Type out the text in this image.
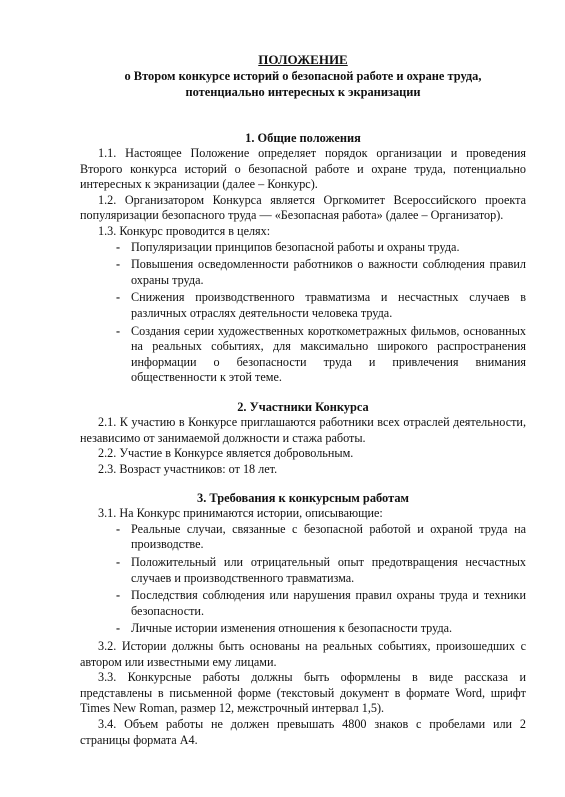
ПОЛОЖЕНИЕ
о Втором конкурсе историй о безопасной работе и охране труда,
потенциально интересных к экранизации
1. Общие положения

1.1. Настоящее Положение определяет порядок организации и проведения Второго конкурса историй о безопасной работе и охране труда, потенциально интересных к экранизации (далее – Конкурс).

1.2. Организатором Конкурса является Оргкомитет Всероссийского проекта популяризации безопасного труда — «Безопасная работа» (далее – Организатор).

1.3. Конкурс проводится в целях:

- Популяризации принципов безопасной работы и охраны труда.
- Повышения осведомленности работников о важности соблюдения правил охраны труда.
- Снижения производственного травматизма и несчастных случаев в различных отраслях деятельности человека труда.
- Создания серии художественных короткометражных фильмов, основанных на реальных событиях, для максимально широкого распространения информации о безопасности труда и привлечения внимания общественности к этой теме.
2. Участники Конкурса

2.1. К участию в Конкурсе приглашаются работники всех отраслей деятельности, независимо от занимаемой должности и стажа работы.

2.2. Участие в Конкурсе является добровольным.

2.3. Возраст участников: от 18 лет.

3. Требования к конкурсным работам

3.1. На Конкурс принимаются истории, описывающие:

- Реальные случаи, связанные с безопасной работой и охраной труда на производстве.
- Положительный или отрицательный опыт предотвращения несчастных случаев и производственного травматизма.
- Последствия соблюдения или нарушения правил охраны труда и техники безопасности.
- Личные истории изменения отношения к безопасности труда.

3.2. Истории должны быть основаны на реальных событиях, произошедших с автором или известными ему лицами.

3.3. Конкурсные работы должны быть оформлены в виде рассказа и представлены в письменной форме (текстовый документ в формате Word, шрифт Times New Roman, размер 12, межстрочный интервал 1,5).

3.4. Объем работы не должен превышать 4800 знаков с пробелами или 2 страницы формата А4.
